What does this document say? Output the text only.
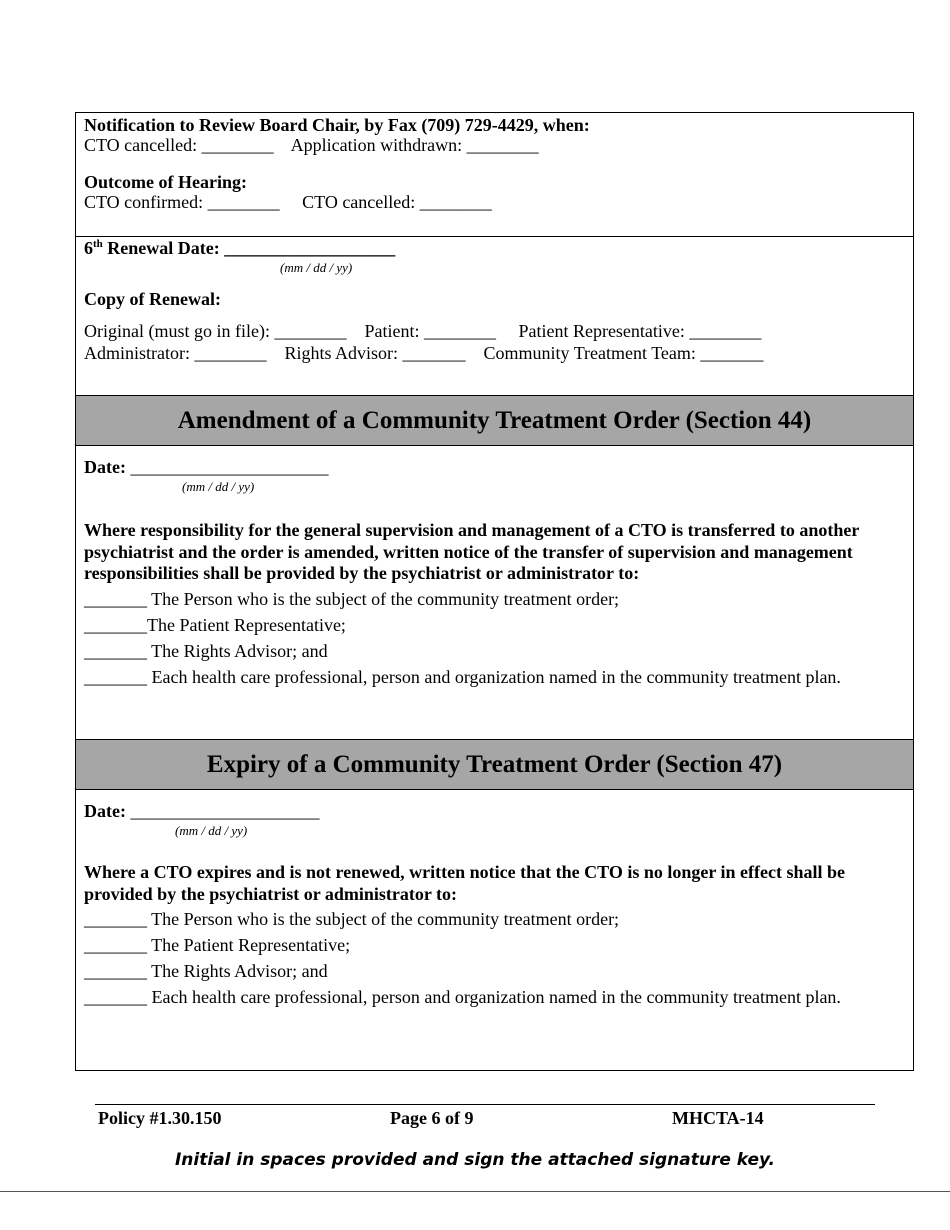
Notification to Review Board Chair, by Fax (709) 729-4429, when:
CTO cancelled: ________    Application withdrawn: ________
Outcome of Hearing:
CTO confirmed: ________     CTO cancelled: ________
6th Renewal Date: ___________________
(mm / dd / yy)
Copy of Renewal:
Original (must go in file): ________    Patient: ________     Patient Representative: ________
Administrator: ________    Rights Advisor: _______    Community Treatment Team: _______
Amendment of a Community Treatment Order (Section 44)
Date: ______________________
(mm / dd / yy)
Where responsibility for the general supervision and management of a CTO is transferred to another psychiatrist and the order is amended, written notice of the transfer of supervision and management responsibilities shall be provided by the psychiatrist or administrator to:
_______ The Person who is the subject of the community treatment order;
_______The Patient Representative;
_______ The Rights Advisor; and
_______ Each health care professional, person and organization named in the community treatment plan.
Expiry of a Community Treatment Order (Section 47)
Date: _____________________
(mm / dd / yy)
Where a CTO expires and is not renewed, written notice that the CTO is no longer in effect shall be provided by the psychiatrist or administrator to:
_______ The Person who is the subject of the community treatment order;
_______ The Patient Representative;
_______ The Rights Advisor; and
_______ Each health care professional, person and organization named in the community treatment plan.
Policy #1.30.150	Page 6 of 9	MHCTA-14
Initial in spaces provided and sign the attached signature key.
